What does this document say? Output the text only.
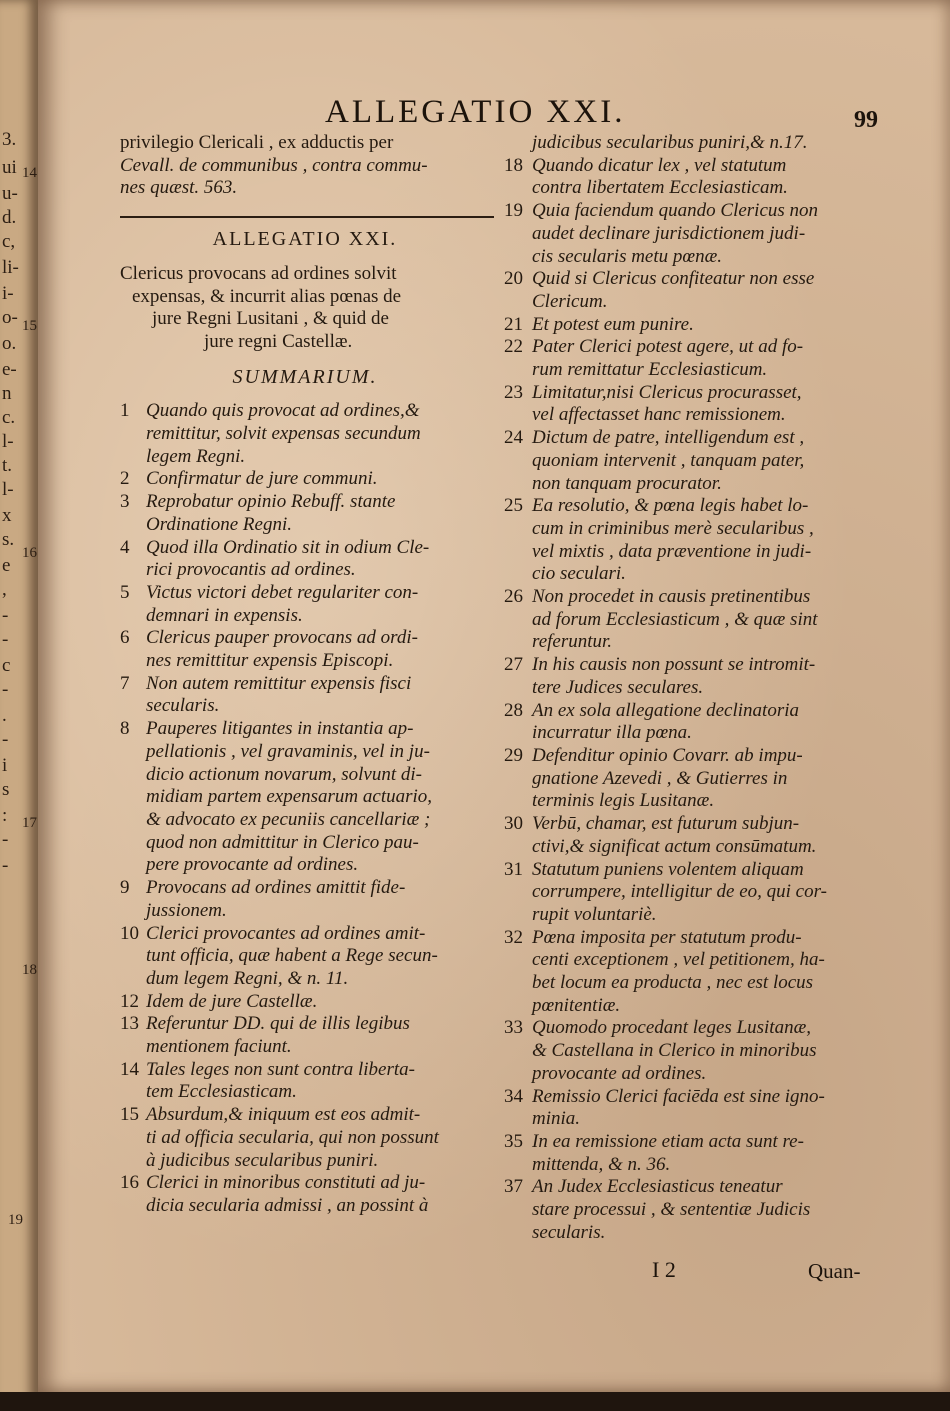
3.
ui
u-
d.
c,
li-
i-
o-
o.
e-
n
c.
l-
t.
l-
x
s.
e
,
-
-
c
-
.
-
i
s
:
-
-
14
15
16
17
18
19
ALLEGATIO XXI.	99
privilegio Clericali , ex adductis per
Cevall. de communibus , contra commu-
nes quæst. 563.
ALLEGATIO XXI.
Clericus provocans ad ordines solvit
expensas, & incurrit alias pœnas de
jure Regni Lusitani , & quid de
jure regni Castellæ.
SUMMARIUM.
1 Quando quis provocat ad ordines,&
remittitur, solvit expensas secundum
legem Regni.
2 Confirmatur de jure communi.
3 Reprobatur opinio Rebuff. stante
Ordinatione Regni.
4 Quod illa Ordinatio sit in odium Cle-
rici provocantis ad ordines.
5 Victus victori debet regulariter con-
demnari in expensis.
6 Clericus pauper provocans ad ordi-
nes remittitur expensis Episcopi.
7 Non autem remittitur expensis fisci
secularis.
8 Pauperes litigantes in instantia ap-
pellationis , vel gravaminis, vel in ju-
dicio actionum novarum, solvunt di-
midiam partem expensarum actuario,
& advocato ex pecuniis cancellariæ ;
quod non admittitur in Clerico pau-
pere provocante ad ordines.
9 Provocans ad ordines amittit fide-
jussionem.
10 Clerici provocantes ad ordines amit-
tunt officia, quæ habent a Rege secun-
dum legem Regni, & n. 11.
12 Idem de jure Castellæ.
13 Referuntur DD. qui de illis legibus
mentionem faciunt.
14 Tales leges non sunt contra liberta-
tem Ecclesiasticam.
15 Absurdum,& iniquum est eos admit-
ti ad officia secularia, qui non possunt
à judicibus secularibus puniri.
16 Clerici in minoribus constituti ad ju-
dicia secularia admissi , an possint à
judicibus secularibus puniri,& n.17.
18 Quando dicatur lex , vel statutum
contra libertatem Ecclesiasticam.
19 Quia faciendum quando Clericus non
audet declinare jurisdictionem judi-
cis secularis metu pœnæ.
20 Quid si Clericus confiteatur non esse
Clericum.
21 Et potest eum punire.
22 Pater Clerici potest agere, ut ad fo-
rum remittatur Ecclesiasticum.
23 Limitatur,nisi Clericus procurasset,
vel affectasset hanc remissionem.
24 Dictum de patre, intelligendum est ,
quoniam intervenit , tanquam pater,
non tanquam procurator.
25 Ea resolutio, & pœna legis habet lo-
cum in criminibus merè secularibus ,
vel mixtis , data præventione in judi-
cio seculari.
26 Non procedet in causis pretinentibus
ad forum Ecclesiasticum , & quæ sint
referuntur.
27 In his causis non possunt se intromit-
tere Judices seculares.
28 An ex sola allegatione declinatoria
incurratur illa pœna.
29 Defenditur opinio Covarr. ab impu-
gnatione Azevedi , & Gutierres in
terminis legis Lusitanæ.
30 Verbū, chamar, est futurum subjun-
ctivi,& significat actum consūmatum.
31 Statutum puniens volentem aliquam
corrumpere, intelligitur de eo, qui cor-
rupit voluntariè.
32 Pœna imposita per statutum produ-
centi exceptionem , vel petitionem, ha-
bet locum ea producta , nec est locus
pœnitentiæ.
33 Quomodo procedant leges Lusitanæ,
& Castellana in Clerico in minoribus
provocante ad ordines.
34 Remissio Clerici faciēda est sine igno-
minia.
35 In ea remissione etiam acta sunt re-
mittenda, & n. 36.
37 An Judex Ecclesiasticus teneatur
stare processui , & sententiæ Judicis
secularis.
I 2	Quan-
